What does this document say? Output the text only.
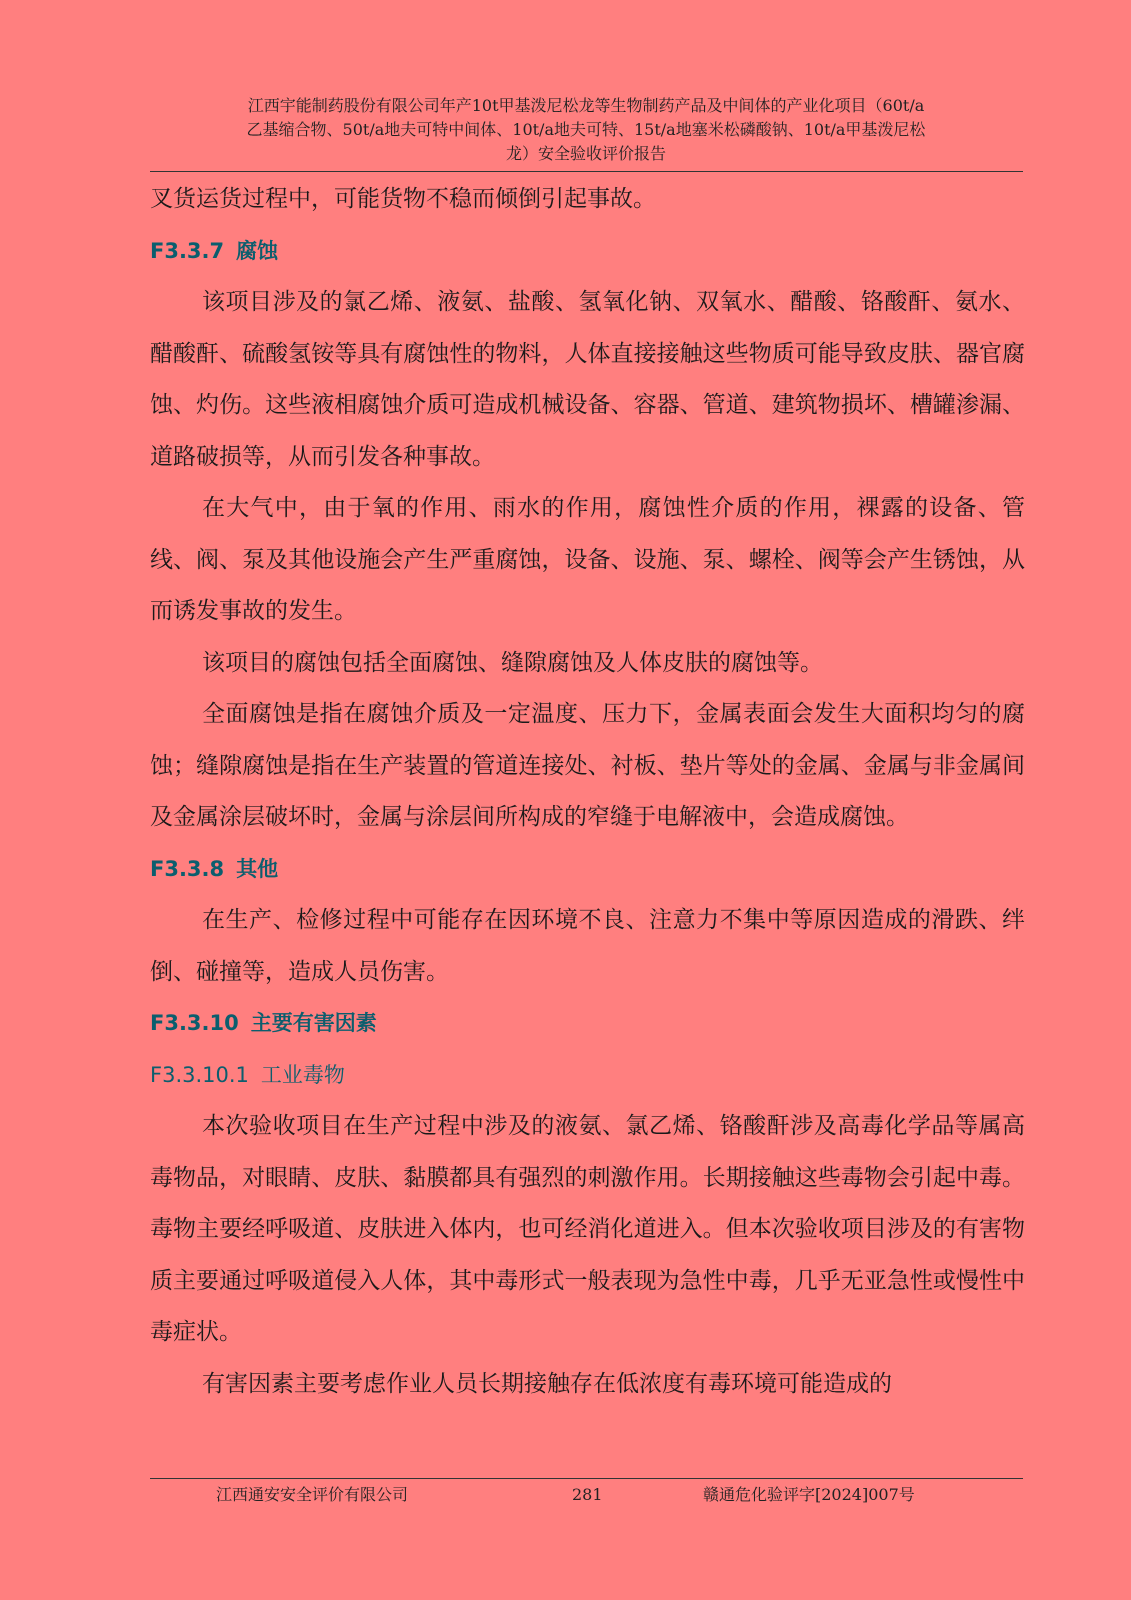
江西宇能制药股份有限公司年产10t甲基泼尼松龙等生物制药产品及中间体的产业化项目（60t/a
乙基缩合物、50t/a地夫可特中间体、10t/a地夫可特、15t/a地塞米松磷酸钠、10t/a甲基泼尼松
龙）安全验收评价报告

叉货运货过程中，可能货物不稳而倾倒引起事故。

F3.3.7 腐蚀

该项目涉及的氯乙烯、液氨、盐酸、氢氧化钠、双氧水、醋酸、铬酸酐、氨水、醋酸酐、硫酸氢铵等具有腐蚀性的物料，人体直接接触这些物质可能导致皮肤、器官腐蚀、灼伤。这些液相腐蚀介质可造成机械设备、容器、管道、建筑物损坏、槽罐渗漏、道路破损等，从而引发各种事故。

在大气中，由于氧的作用、雨水的作用，腐蚀性介质的作用，裸露的设备、管线、阀、泵及其他设施会产生严重腐蚀，设备、设施、泵、螺栓、阀等会产生锈蚀，从而诱发事故的发生。

该项目的腐蚀包括全面腐蚀、缝隙腐蚀及人体皮肤的腐蚀等。

全面腐蚀是指在腐蚀介质及一定温度、压力下，金属表面会发生大面积均匀的腐蚀；缝隙腐蚀是指在生产装置的管道连接处、衬板、垫片等处的金属、金属与非金属间及金属涂层破坏时，金属与涂层间所构成的窄缝于电解液中，会造成腐蚀。

F3.3.8 其他

在生产、检修过程中可能存在因环境不良、注意力不集中等原因造成的滑跌、绊倒、碰撞等，造成人员伤害。

F3.3.10 主要有害因素
F3.3.10.1 工业毒物

本次验收项目在生产过程中涉及的液氨、氯乙烯、铬酸酐涉及高毒化学品等属高毒物品，对眼睛、皮肤、黏膜都具有强烈的刺激作用。长期接触这些毒物会引起中毒。毒物主要经呼吸道、皮肤进入体内，也可经消化道进入。但本次验收项目涉及的有害物质主要通过呼吸道侵入人体，其中毒形式一般表现为急性中毒，几乎无亚急性或慢性中毒症状。

有害因素主要考虑作业人员长期接触存在低浓度有毒环境可能造成的

江西通安安全评价有限公司	281	赣通危化验评字[2024]007号
